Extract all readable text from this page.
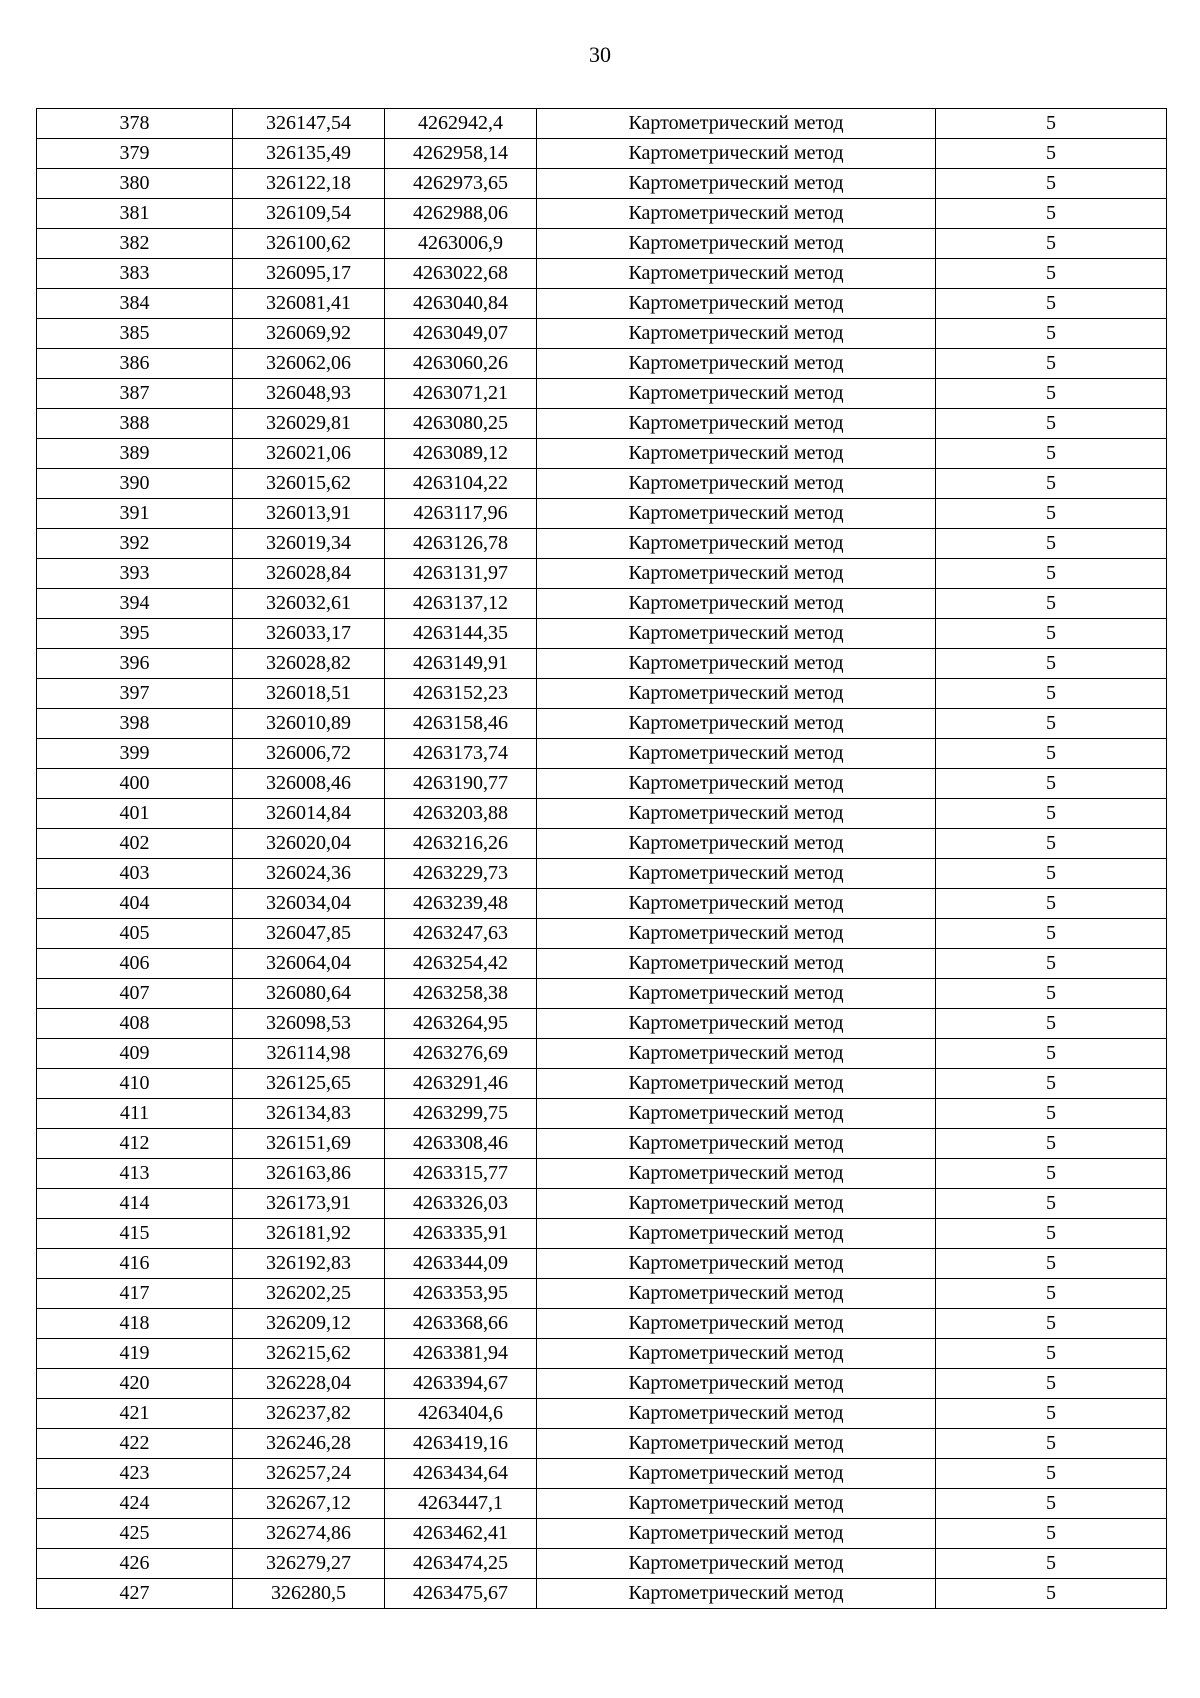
30
378	326147,54	4262942,4	Картометрический метод	5
379	326135,49	4262958,14	Картометрический метод	5
380	326122,18	4262973,65	Картометрический метод	5
381	326109,54	4262988,06	Картометрический метод	5
382	326100,62	4263006,9	Картометрический метод	5
383	326095,17	4263022,68	Картометрический метод	5
384	326081,41	4263040,84	Картометрический метод	5
385	326069,92	4263049,07	Картометрический метод	5
386	326062,06	4263060,26	Картометрический метод	5
387	326048,93	4263071,21	Картометрический метод	5
388	326029,81	4263080,25	Картометрический метод	5
389	326021,06	4263089,12	Картометрический метод	5
390	326015,62	4263104,22	Картометрический метод	5
391	326013,91	4263117,96	Картометрический метод	5
392	326019,34	4263126,78	Картометрический метод	5
393	326028,84	4263131,97	Картометрический метод	5
394	326032,61	4263137,12	Картометрический метод	5
395	326033,17	4263144,35	Картометрический метод	5
396	326028,82	4263149,91	Картометрический метод	5
397	326018,51	4263152,23	Картометрический метод	5
398	326010,89	4263158,46	Картометрический метод	5
399	326006,72	4263173,74	Картометрический метод	5
400	326008,46	4263190,77	Картометрический метод	5
401	326014,84	4263203,88	Картометрический метод	5
402	326020,04	4263216,26	Картометрический метод	5
403	326024,36	4263229,73	Картометрический метод	5
404	326034,04	4263239,48	Картометрический метод	5
405	326047,85	4263247,63	Картометрический метод	5
406	326064,04	4263254,42	Картометрический метод	5
407	326080,64	4263258,38	Картометрический метод	5
408	326098,53	4263264,95	Картометрический метод	5
409	326114,98	4263276,69	Картометрический метод	5
410	326125,65	4263291,46	Картометрический метод	5
411	326134,83	4263299,75	Картометрический метод	5
412	326151,69	4263308,46	Картометрический метод	5
413	326163,86	4263315,77	Картометрический метод	5
414	326173,91	4263326,03	Картометрический метод	5
415	326181,92	4263335,91	Картометрический метод	5
416	326192,83	4263344,09	Картометрический метод	5
417	326202,25	4263353,95	Картометрический метод	5
418	326209,12	4263368,66	Картометрический метод	5
419	326215,62	4263381,94	Картометрический метод	5
420	326228,04	4263394,67	Картометрический метод	5
421	326237,82	4263404,6	Картометрический метод	5
422	326246,28	4263419,16	Картометрический метод	5
423	326257,24	4263434,64	Картометрический метод	5
424	326267,12	4263447,1	Картометрический метод	5
425	326274,86	4263462,41	Картометрический метод	5
426	326279,27	4263474,25	Картометрический метод	5
427	326280,5	4263475,67	Картометрический метод	5
